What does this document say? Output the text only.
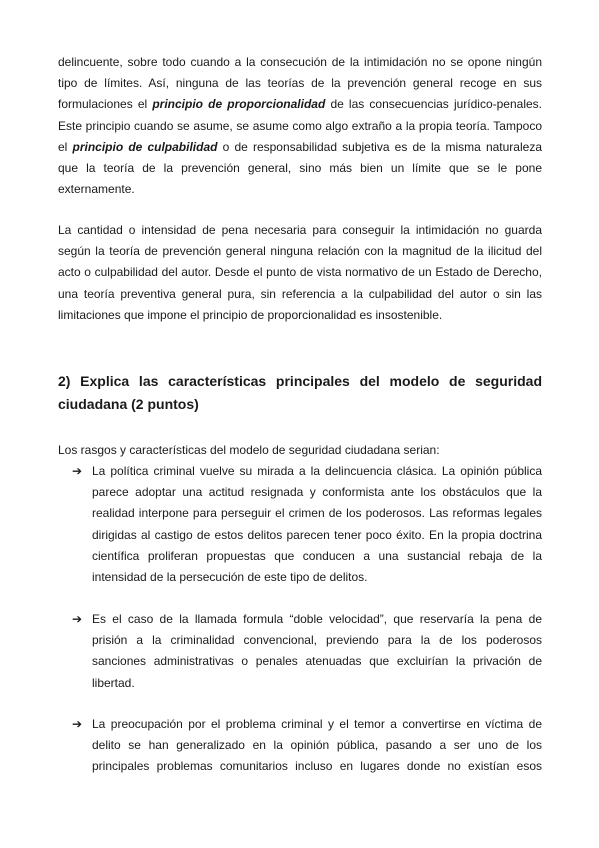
delincuente, sobre todo cuando a la consecución de la intimidación no se opone ningún
tipo de límites. Así, ninguna de las teorías de la prevención general recoge en sus
formulaciones el principio de proporcionalidad de las consecuencias jurídico-penales.
Este principio cuando se asume, se asume como algo extraño a la propia teoría. Tampoco
el principio de culpabilidad o de responsabilidad subjetiva es de la misma naturaleza
que la teoría de la prevención general, sino más bien un límite que se le pone
externamente.
La cantidad o intensidad de pena necesaria para conseguir la intimidación no guarda
según la teoría de prevención general ninguna relación con la magnitud de la ilicitud del
acto o culpabilidad del autor. Desde el punto de vista normativo de un Estado de Derecho,
una teoría preventiva general pura, sin referencia a la culpabilidad del autor o sin las
limitaciones que impone el principio de proporcionalidad es insostenible.
2) Explica las características principales del modelo de seguridad
ciudadana (2 puntos)
Los rasgos y características del modelo de seguridad ciudadana serian:
➔ La política criminal vuelve su mirada a la delincuencia clásica. La opinión pública
parece adoptar una actitud resignada y conformista ante los obstáculos que la
realidad interpone para perseguir el crimen de los poderosos. Las reformas legales
dirigidas al castigo de estos delitos parecen tener poco éxito. En la propia doctrina
científica proliferan propuestas que conducen a una sustancial rebaja de la
intensidad de la persecución de este tipo de delitos.
➔ Es el caso de la llamada formula “doble velocidad”, que reservaría la pena de
prisión a la criminalidad convencional, previendo para la de los poderosos
sanciones administrativas o penales atenuadas que excluirían la privación de
libertad.
➔ La preocupación por el problema criminal y el temor a convertirse en víctima de
delito se han generalizado en la opinión pública, pasando a ser uno de los
principales problemas comunitarios incluso en lugares donde no existían esos
